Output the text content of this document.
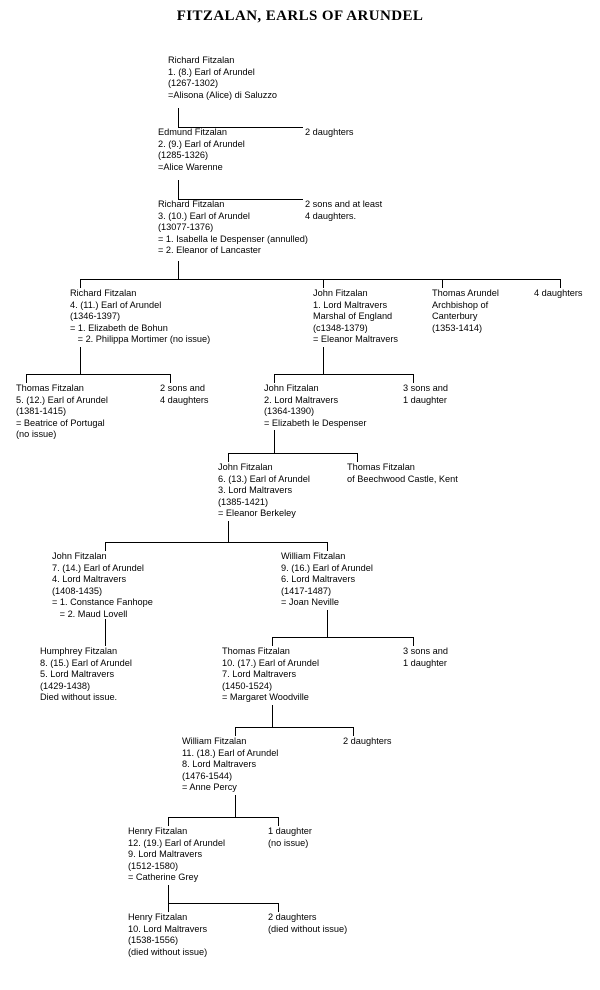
FITZALAN, EARLS OF ARUNDEL
Richard Fitzalan
1. (8.) Earl of Arundel
(1267-1302)
=Alisona (Alice) di Saluzzo
2 daughters
Edmund Fitzalan
2. (9.) Earl of Arundel
(1285-1326)
=Alice Warenne
2 sons and at least
4 daughters.
Richard Fitzalan
3. (10.) Earl of Arundel
(13077-1376)
= 1. Isabella le Despenser (annulled)
= 2. Eleanor of Lancaster
Richard Fitzalan
4. (11.) Earl of Arundel
(1346-1397)
= 1. Elizabeth de Bohun
= 2. Philippa Mortimer (no issue)
John Fitzalan
1. Lord Maltravers
Marshal of England
(c1348-1379)
= Eleanor Maltravers
Thomas Arundel
Archbishop of
Canterbury
(1353-1414)
4 daughters
Thomas Fitzalan
5. (12.) Earl of Arundel
(1381-1415)
= Beatrice of Portugal
(no issue)
2 sons and
4 daughters
John Fitzalan
2. Lord Maltravers
(1364-1390)
= Elizabeth le Despenser
3 sons and
1 daughter
John Fitzalan
6. (13.) Earl of Arundel
3. Lord Maltravers
(1385-1421)
= Eleanor Berkeley
Thomas Fitzalan
of Beechwood Castle, Kent
John Fitzalan
7. (14.) Earl of Arundel
4. Lord Maltravers
(1408-1435)
= 1. Constance Fanhope
= 2. Maud Lovell
William Fitzalan
9. (16.) Earl of Arundel
6. Lord Maltravers
(1417-1487)
= Joan Neville
Humphrey Fitzalan
8. (15.) Earl of Arundel
5. Lord Maltravers
(1429-1438)
Died without issue.
Thomas Fitzalan
10. (17.) Earl of Arundel
7. Lord Maltravers
(1450-1524)
= Margaret Woodville
3 sons and
1 daughter
William Fitzalan
11. (18.) Earl of Arundel
8. Lord Maltravers
(1476-1544)
= Anne Percy
2 daughters
Henry Fitzalan
12. (19.) Earl of Arundel
9. Lord Maltravers
(1512-1580)
= Catherine Grey
1 daughter
(no issue)
Henry Fitzalan
10. Lord Maltravers
(1538-1556)
(died without issue)
2 daughters
(died without issue)
